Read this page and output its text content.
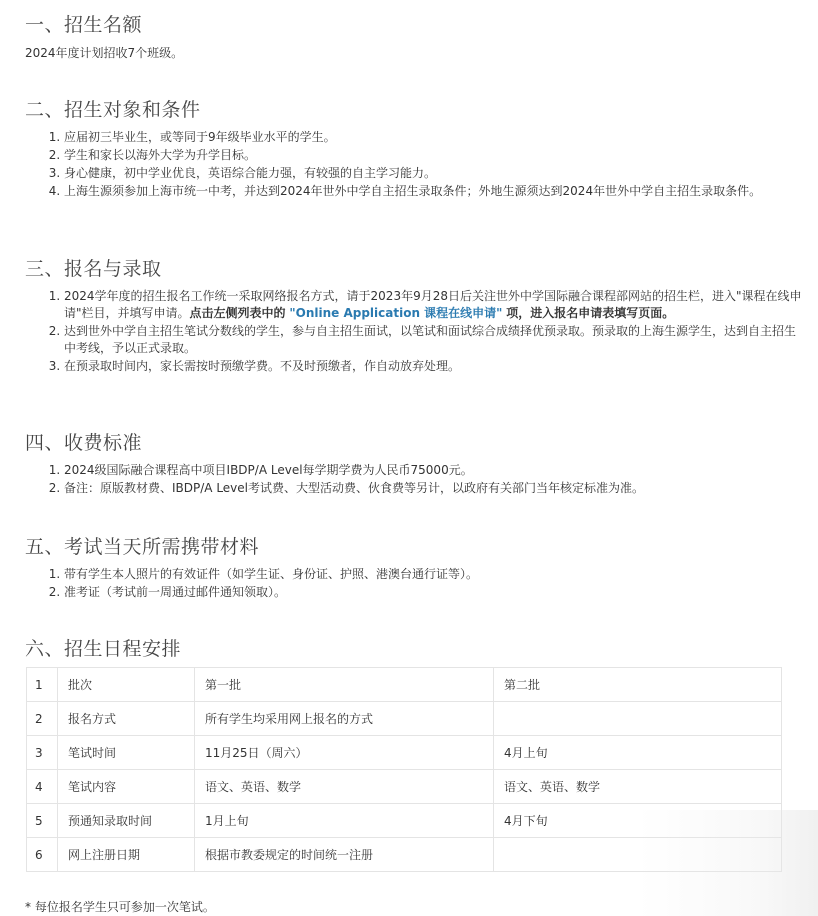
一、招生名额

2024年度计划招收7个班级。

二、招生对象和条件
1. 应届初三毕业生，或等同于9年级毕业水平的学生。
2. 学生和家长以海外大学为升学目标。
3. 身心健康，初中学业优良，英语综合能力强，有较强的自主学习能力。
4. 上海生源须参加上海市统一中考，并达到2024年世外中学自主招生录取条件；外地生源须达到2024年世外中学自主招生录取条件。
三、报名与录取
1. 2024学年度的招生报名工作统一采取网络报名方式，请于2023年9月28日后关注世外中学国际融合课程部网站的招生栏，进入"课程在线申请"栏目，并填写申请。点击左侧列表中的 "Online Application 课程在线申请" 项，进入报名申请表填写页面。
2. 达到世外中学自主招生笔试分数线的学生，参与自主招生面试，以笔试和面试综合成绩择优预录取。预录取的上海生源学生，达到自主招生中考线，予以正式录取。
3. 在预录取时间内，家长需按时预缴学费。不及时预缴者，作自动放弃处理。
四、收费标准
1. 2024级国际融合课程高中项目IBDP/A Level每学期学费为人民币75000元。
2. 备注：原版教材费、IBDP/A Level考试费、大型活动费、伙食费等另计，以政府有关部门当年核定标准为准。
五、考试当天所需携带材料
1. 带有学生本人照片的有效证件（如学生证、身份证、护照、港澳台通行证等）。
2. 准考证（考试前一周通过邮件通知领取）。
六、招生日程安排
1	批次	第一批	第二批
2	报名方式	所有学生均采用网上报名的方式	
3	笔试时间	11月25日（周六）	4月上旬
4	笔试内容	语文、英语、数学	语文、英语、数学
5	预通知录取时间	1月上旬	4月下旬
6	网上注册日期	根据市教委规定的时间统一注册	

* 每位报名学生只可参加一次笔试。
